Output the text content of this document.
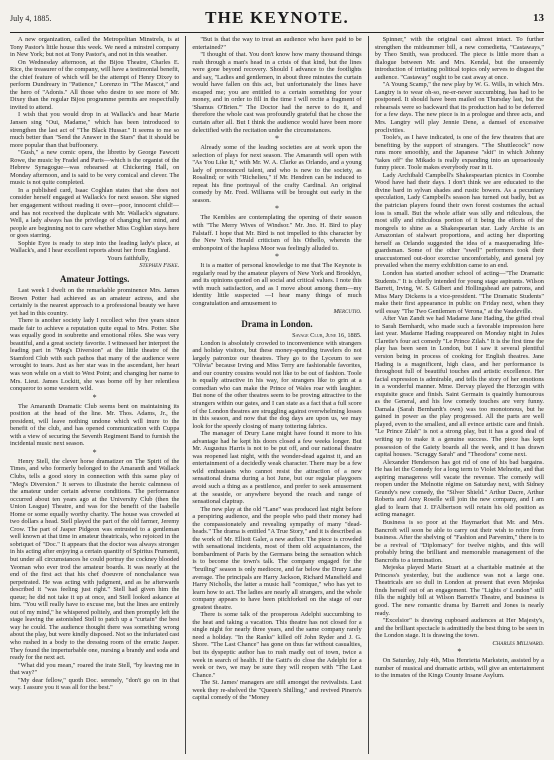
July 4, 1885.	THE KEYNOTE.	13

A new organization, called the Metropolitan Minstrels, is at Tony Pastor's little house this week. We need a minstrel company in New York; but not at Tony Pastor's, and not in this weather.

On Wednesday afternoon, at the Bijou Theatre, Charles E. Rice, the treasurer of the company, will have a testimonial benefit, the chief feature of which will be the attempt of Henry Dixey to perform Dundreary in "Patience," Lorenzo in "The Mascot," and the hero of "Adonis." All those who desire to see more of Mr. Dixey than the regular Bijou programme permits are respectfully invited to attend.

I wish that you would drop in at Wallack's and hear Marie Jansen sing "Oui, Madame," which has been introduced to strengthen the last act of "The Black Hussar." It seems to me so much better than "Send the Answer in the Stars" that it should be more popular than that buffoonery.

"Gush," a new comic opera, the libretto by George Fawcett Rowe, the music by Fradel and Paris—which is the organist of the Hebrew Synagogue—was rehearsed at Chickering Hall, on Monday afternoon, and is said to be very comical and clever. The music is not quite completed.

In a published card, Isaac Coghlan states that she does not consider herself engaged at Wallack's for next season. She signed her engagement without reading it over—poor, innocent child!—and has not received the duplicate with Mr. Wallack's signature. Well, a lady always has the privilege of changing her mind, and people are beginning not to care whether Miss Coghlan stays here or goes starring.

Sophie Eyre is ready to step into the leading lady's place, at Wallack's, and I hear excellent reports about her from England.

Yours faithfully,

Stephen Fiske.

Amateur Jottings.

Last week I dwelt on the remarkable prominence Mrs. James Brown Potter had achieved as an amateur actress, and she certainly is the nearest approach to a professional beauty we have yet had in this country.

There is another society lady I recollect who five years since made fair to achieve a reputation quite equal to Mrs. Potter. She was equally good in soubrette and emotional rôles. She was very beautiful, and a great society favorite. I witnessed her interpret the leading part in "Meg's Diversion" at the little theatre of the Stamford Club with such pathos that many of the audience were wrought to tears. Just as her star was in the ascendant, her heart was won while on a visit to West Point; and changing her name to Mrs. Lieut. James Lockitt, she was borne off by her relentless conqueror to some western wild.

*

The Amaranth Dramatic Club seems bent on maintaining its position at the head of the line. Mr. Thos. Adams, Jr., the president, will leave nothing undone which will inure to the benefit of the club, and has opened communication with Cuppa with a view of securing the Seventh Regiment Band to furnish the incidental music next season.

*

Henry Stell, the clever horse dramatizer on The Spirit of the Times, and who formerly belonged to the Amaranth and Wallack Clubs, tells a good story in connection with this same play of "Meg's Diversion." It serves to illustrate the heroic calmness of the amateur under certain adverse conditions. The performance occurred about ten years ago at the University Club (then the Union League) Theatre, and was for the benefit of the Isabelle Home or some equally worthy charity. The house was crowded at two dollars a head. Stell played the part of the old farmer, Jeremy Crow. The part of Jasper Pidgeon was entrusted to a gentleman well known at that time in amateur theatricals, who rejoiced in the sobriquet of "Doc." It appears that the doctor was always stronger in his acting after enjoying a certain quantity of Spiritus Frumenti, but under all circumstances he could portray the cockney blooded Yeoman who ever trod the amateur boards. It was nearly at the end of the first act that his chef d'oeuvre of nonchalance was perpetrated. He was acting with judgment, and as he afterwards described it "was feeling just right." Stell had given him the queue; he did not take it up at once, and Stell looked askance at him. "You will really have to excuse me, but the lines are entirely out of my mind," he whispered politely, and then promptly left the stage leaving the astonished Stell to patch up a "curtain" the best way he could. The audience thought there was something wrong about the play, but were kindly disposed. Not so the infuriated cast who rushed in a body to the dressing room of the erratic Jasper. They found the imperturbable one, nursing a brandy and soda and ready for the next act.

"What did you mean," roared the irate Stell, "by leaving me in that way?"

"My dear fellow," quoth Doc. serenely, "don't go on in that way. I assure you it was all for the best."

"But is that the way to treat an audience who have paid to be entertained?"

"I thought of that. You don't know how many thousand things rush through a man's head in a crisis of that kind, but the lines were gone beyond recovery. Should I advance to the footlights and say, "Ladies and gentlemen, in about three minutes the curtain would have fallen on this act, but unfortunately the lines have escaped me; you are entitled to a certain something for your money, and in order to fill in the time I will recite a fragment of 'Shamus O'Brien.'" The Doctor had the nerve to do it, and therefore the whole cast was profoundly grateful that he chose the curtain after all. But I think the audience would have been more delectified with the recitation under the circumstances.

*

Already some of the leading societies are at work upon the selection of plays for next season. The Amaranth will open with "As You Like It," with Mr. W. A. Clarke as Orlando, and a young lady of pronounced talent, and who is new to the society, as Rosalind; or with "Richelieu," if Mr. Hendren can be induced to repeat his fine portrayal of the crafty Cardinal. An original comedy by Mr. Fred. Williams will be brought out early in the season.

*

The Kembles are contemplating the opening of their season with "The Merry Wives of Windsor." Mr. Jno. H. Bird to play Falstaff. I hope that Mr. Bird is not impelled to this character by the New York Herald criticism of his Othello, wherein the embonpoint of the hapless Moor was feelingly alluded to.

*

It is a matter of personal knowledge to me that The Keynote is regularly read by the amateur players of New York and Brooklyn, and its opinions quoted on all social and critical values. I note this with much satisfaction, and as I move about among them—my identity little suspected —I hear many things of much congratulation and amusement to

Mercutio.

Drama in London.

Savage Club, June 16, 1885.

London is absolutely crowded to inconvenience with strangers and holiday visitors, but these money-spending travelers do not largely patronize our theatres. They go to the Lyceum to see "Olivia" because Irving and Miss Terry are fashionable favorites, and our country cousins would not like to be out of fashion. Toole is equally attractive in his way, for strangers like to grin at a comedian who can make the Prince of Wales roar with laughter. But none of the other theatres seem to be proving attractive to the strangers within our gates, and I can state as a fact that a full score of the London theatres are struggling against overwhelming losses in this season, and now that the dog days are upon us, we may look for the speedy closing of many tottering fabrics.

The manager of Drury Lane might have found it more to his advantage had he kept his doors closed a few weeks longer. But Mr. Augustus Harris is not to be put off, and our national theatre was reopened last night, with the wonder-dead against it, and an entertainment of a decidedly weak character. There may be a few wild enthusiasts who cannot resist the attraction of a new sensational drama during a hot June, but our regular playgoers avoid such a thing as a pestilence, and prefer to seek amusement at the seaside, or anywhere beyond the reach and range of sensational claptrap.

The new play at the old "Lane" was produced last night before a perspiring audience, and the people who paid their money had the compassionately and revealing sympathy of many "dead-heads." The drama is entitled "A True Story," and it is described as the work of Mr. Elliott Galer, a new author. The piece is crowded with sensational incidents, most of them old acquaintances, the bombardment of Paris by the Germans being the sensation which is to become the town's talk. The company engaged for the "bruiling" season is only mediocre, and far below the Drury Lane average. The principals are Harry Jackson, Richard Mansfield and Harry Nicholls, the latter a music hall "comique," who has yet to learn how to act. The ladies are nearly all strangers, and the whole company appears to have been pitchforked on the stage of our greatest theatre.

There is some talk of the prosperous Adelphi succumbing to the heat and taking a vacation. This theatre has not closed for a single night for nearly three years, and the same company rarely need a holiday. "In the Ranks" killed off John Ryder and J. G. Shore. "The Last Chance" has gone on thus far without casualties, but its dyspeptic author has to rush madly out of town, twice a week in search of health. If the Gatti's do close the Adelphi for a week or two, we may be sure they will reopen with "The Last Chance."

The St. James' managers are still amongst the revivalists. Last week they re-shelved the "Queen's Shilling," and revived Pinero's capital comedy of the "Money

Spinner," with the original cast almost intact. To further strengthen the midsummer bill, a new comedietta, "Castaways," by Theo Smith, was produced. The piece is little more than a dialogue between Mr. and Mrs. Kendal, but the unseemly introduction of irritating political topics only serves to disgust the audience. "Castaway" ought to be cast away at once.

"A Young Scamp," the new play by W. G. Wills, in which Mrs. Langtry is to wear oh-so, ne-er-never succumbing, has had to be postponed. It should have been mailed on Thursday last, but the rehearsals were so backward that its production had to be deferred for a few days. The new piece is in a prologue and three acts, and Mrs. Langtry will play Jennie Dene, a damsel of excessive proclivities.

Toole's, as I have indicated, is one of the few theatres that are benefiting by the support of strangers. "The Shuttlecock" now runs more smoothly, and the Japanese "skit" in which Johnny "takes off" the Mikado is really expanding into an uproariously funny piece. Toole makes everybody roar in it.

Lady Archibald Campbell's Shakespearian picnics in Coombe Wood have had their days. I don't think we are educated to the divine bard in sylvan shades and rustic bowers. As a pecuniary speculation, Lady Campbell's season has turned out badly, but as the patrician players found their own forest costumes the actual loss is small. But the whole affair was silly and ridiculous, the most silly and ridiculous portion of it being the efforts of the mongrels to shine as a Shakespearian star. Lady Archie is an Amazonian of stalwart proportions, and acting her disporting herself as Orlando suggested the idea of a masquerading life-guardsman. Some of the other "swell" performers took their unaccustomed out-door exercise uncomfortably, and general joy prevailed when the merry exhibition came to an end.

London has started another school of acting—"The Dramatic Students." It is chiefly intended for young stage aspirants. Wilson Barrett, Irving, W. S. Gilbert and Hollingshead are patrons, and Miss Mary Dickens is a vice-president. "The Dramatic Students" make their first appearance in public on Friday next, when they will essay "The Two Gentlemen of Verona," at the Vaudeville.

After Van Zandt we had Madame Jane Hading, the gifted rival to Sarah Bernhardt, who made such a favorable impression here last year. Madame Hading reappeared on Monday night in Jules Claretie's four act comedy "Le Prince Zilah." It is the first time the play has been seen in London, but I saw it several plentiful version being in process of cooking for English theatres. Jane Hading is a magnificent, high class, and her performance is throughout full of beautiful touches and artistic excellence. Her facial expression is admirable, and tells the story of her emotions in a wonderful manner. Mme. Dervay played the Herzogin with exquisite grace and finish. Saint Germain is quaintly humourous as the General, and his low comedy touches are very funny. Damala (Sarah Bernhardt's own) was too monotonous, but he gained in power as the play progressed. All the parts are well played, even to the smallest, and all evince artistic care and finish. "Le Prince Zilah" is not a strong play, but it has a good deal of writing up to make it a genuine success. The piece has kept possession of the Gaiety boards all the week, and it has drawn capital houses. "Scraggy Sarah" and "Theodora" come next.

Alexander Henderson has got rid of one of his bad bargains. He has let the Comedy for a long term to Violet Melnotte, and that aspiring manageress will vacate the revenue. The comedy will reopen under the Melnotte régime on Saturday next, with Sidney Grundy's new comedy, the "Silver Shield." Arthur Dacre, Arthur Roberts and Amy Roselle will join the new company, and I am glad to learn that J. D'Albertson will retain his old position as acting manager.

Business is so poor at the Haymarket that Mr. and Mrs. Bancroft will soon be able to carry out their wish to retire from business. After the shelving of "Fashion and Parvenim," there is to be a revival of "Diplomacy" for twelve nights, and this will probably bring the brilliant and memorable management of the Bancrofts to a termination.

Mejeska played Marie Stuart at a charitable matinée at the Princess's yesterday, but the audience was not a large one. Theatricals are so dull in London at present that even Mejeska finds herself out of an engagement. The "Lights o' London" still fills the nightly bill at Wilson Barrett's Theatre, and business is good. The new romantic drama by Barrett and Jones is nearly ready.

"Excelsior" is drawing cupboard audiences at Her Majesty's, and the brilliant spectacle is admittedly the best thing to be seen in the London stage. It is drawing the town.

Charles Millward.

*

On Saturday, July 4th, Miss Henrietta Markstein, assisted by a number of musical and dramatic artists, will give an entertainment to the inmates of the Kings County Insane Asylum.
